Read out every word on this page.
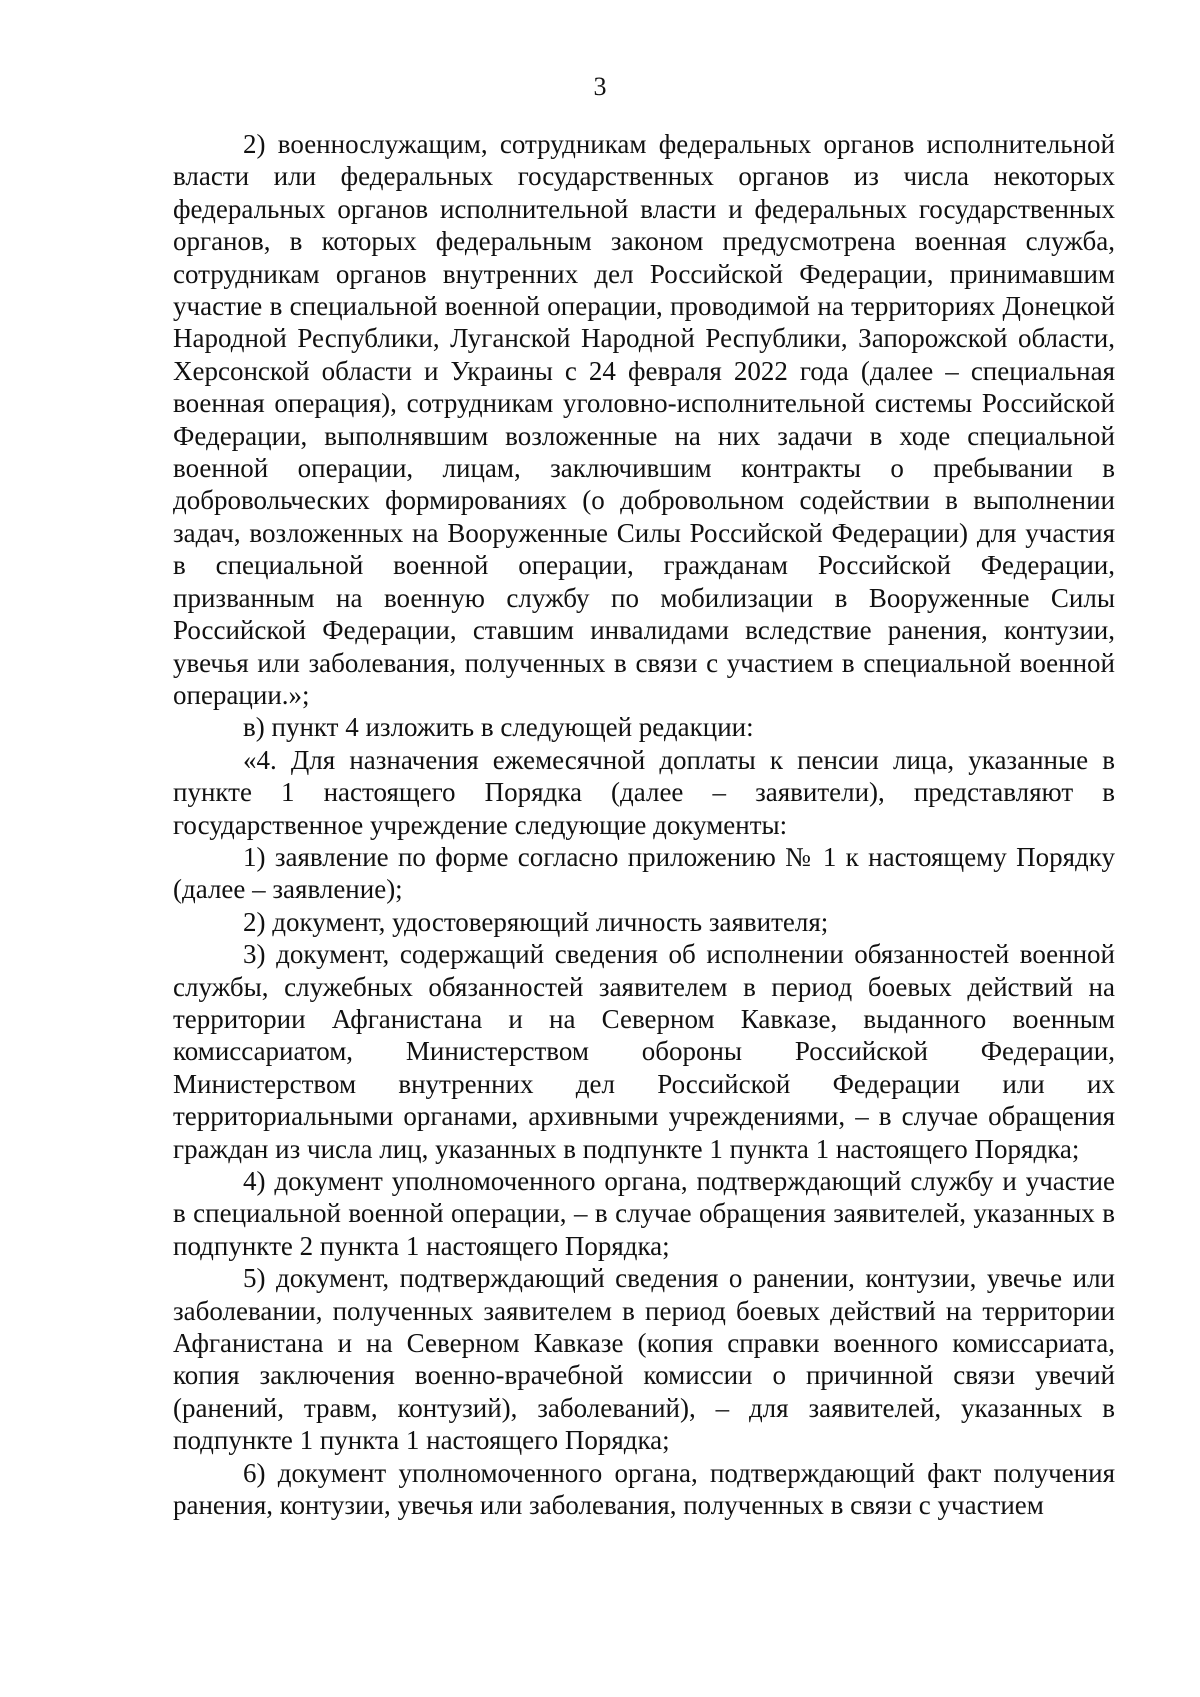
3

2) военнослужащим, сотрудникам федеральных органов исполнительной власти или федеральных государственных органов из числа некоторых федеральных органов исполнительной власти и федеральных государственных органов, в которых федеральным законом предусмотрена военная служба, сотрудникам органов внутренних дел Российской Федерации, принимавшим участие в специальной военной операции, проводимой на территориях Донецкой Народной Республики, Луганской Народной Республики, Запорожской области, Херсонской области и Украины с 24 февраля 2022 года (далее – специальная военная операция), сотрудникам уголовно-исполнительной системы Российской Федерации, выполнявшим возложенные на них задачи в ходе специальной военной операции, лицам, заключившим контракты о пребывании в добровольческих формированиях (о добровольном содействии в выполнении задач, возложенных на Вооруженные Силы Российской Федерации) для участия в специальной военной операции, гражданам Российской Федерации, призванным на военную службу по мобилизации в Вооруженные Силы Российской Федерации, ставшим инвалидами вследствие ранения, контузии, увечья или заболевания, полученных в связи с участием в специальной военной операции.»;

в) пункт 4 изложить в следующей редакции:

«4. Для назначения ежемесячной доплаты к пенсии лица, указанные в пункте 1 настоящего Порядка (далее – заявители), представляют в государственное учреждение следующие документы:

1) заявление по форме согласно приложению № 1 к настоящему Порядку (далее – заявление);

2) документ, удостоверяющий личность заявителя;

3) документ, содержащий сведения об исполнении обязанностей военной службы, служебных обязанностей заявителем в период боевых действий на территории Афганистана и на Северном Кавказе, выданного военным комиссариатом, Министерством обороны Российской Федерации, Министерством внутренних дел Российской Федерации или их территориальными органами, архивными учреждениями, – в случае обращения граждан из числа лиц, указанных в подпункте 1 пункта 1 настоящего Порядка;

4) документ уполномоченного органа, подтверждающий службу и участие в специальной военной операции, – в случае обращения заявителей, указанных в подпункте 2 пункта 1 настоящего Порядка;

5) документ, подтверждающий сведения о ранении, контузии, увечье или заболевании, полученных заявителем в период боевых действий на территории Афганистана и на Северном Кавказе (копия справки военного комиссариата, копия заключения военно-врачебной комиссии о причинной связи увечий (ранений, травм, контузий), заболеваний), – для заявителей, указанных в подпункте 1 пункта 1 настоящего Порядка;

6) документ уполномоченного органа, подтверждающий факт получения ранения, контузии, увечья или заболевания, полученных в связи с участием
